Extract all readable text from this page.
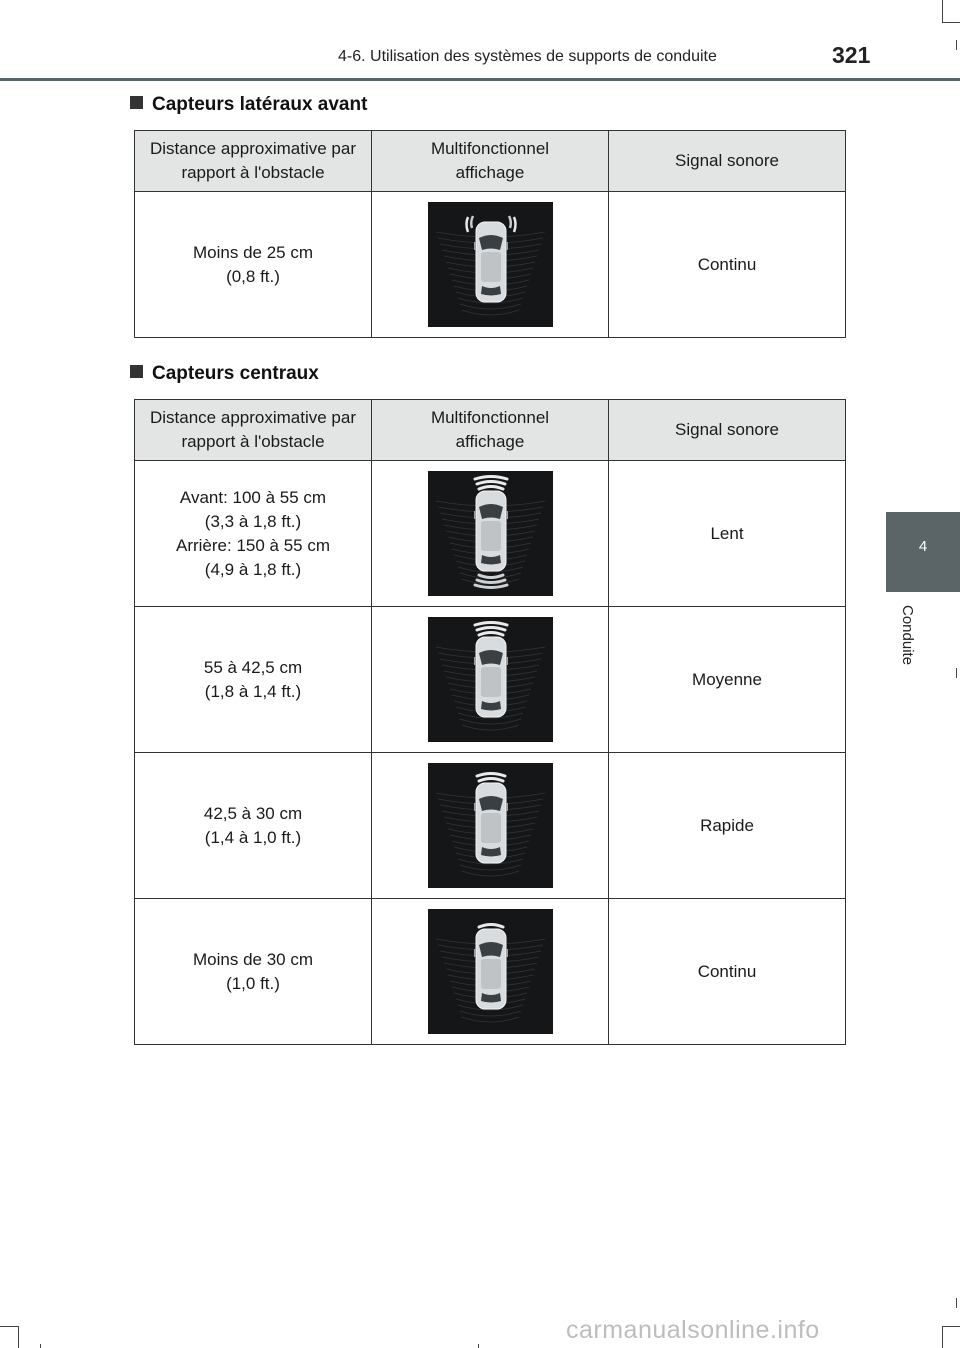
4-6. Utilisation des systèmes de supports de conduite	321
4
Conduite
Capteurs latéraux avant
Distance approximative par rapport à l'obstacle	Multifonctionnel affichage	Signal sonore

Moins de 25 cm
(0,8 ft.)		Continu
Capteurs centraux
Distance approximative par rapport à l'obstacle	Multifonctionnel affichage	Signal sonore

Avant: 100 à 55 cm
(3,3 à 1,8 ft.)
Arrière: 150 à 55 cm
(4,9 à 1,8 ft.)		Lent

55 à 42,5 cm
(1,8 à 1,4 ft.)		Moyenne

42,5 à 30 cm
(1,4 à 1,0 ft.)		Rapide

Moins de 30 cm
(1,0 ft.)		Continu
carmanualsonline.info
